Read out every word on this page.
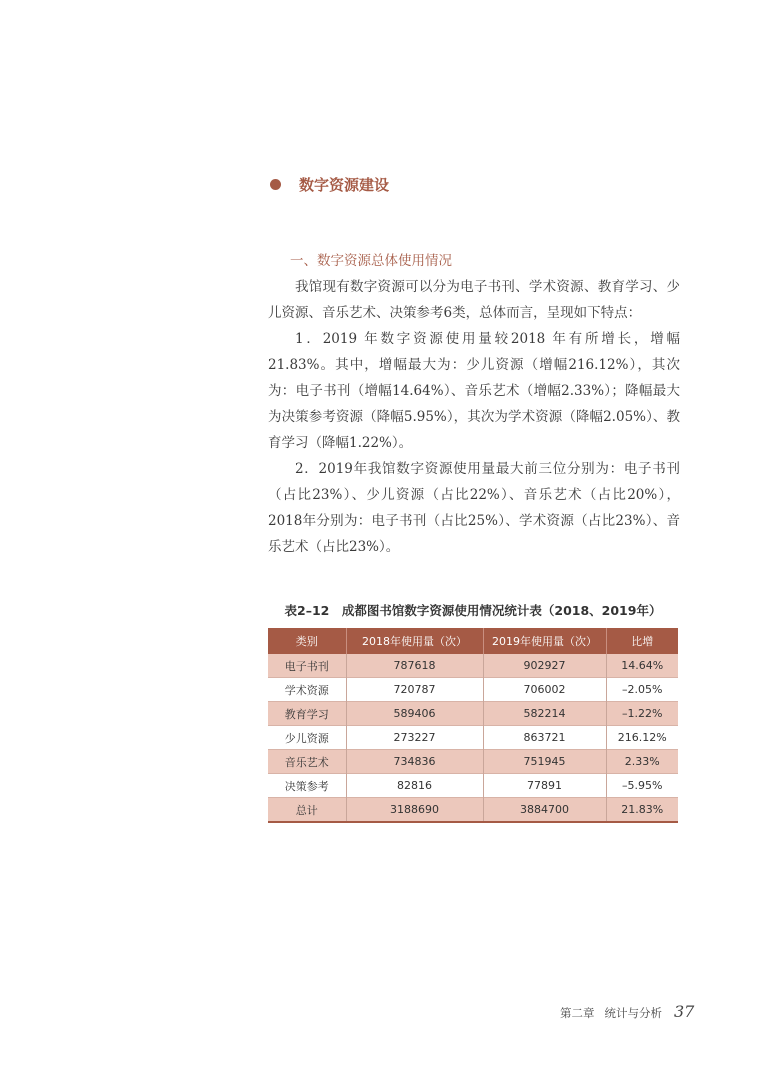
数字资源建设
一、数字资源总体使用情况

我馆现有数字资源可以分为电子书刊、学术资源、教育学习、少儿资源、音乐艺术、决策参考6类，总体而言，呈现如下特点：

1．2019 年数字资源使用量较2018 年有所增长，增幅21.83%。其中，增幅最大为：少儿资源（增幅216.12%），其次为：电子书刊（增幅14.64%）、音乐艺术（增幅2.33%）；降幅最大为决策参考资源（降幅5.95%），其次为学术资源（降幅2.05%）、教育学习（降幅1.22%）。

2．2019年我馆数字资源使用量最大前三位分别为：电子书刊（占比23%）、少儿资源（占比22%）、音乐艺术（占比20%），2018年分别为：电子书刊（占比25%）、学术资源（占比23%）、音乐艺术（占比23%）。

表2–12　成都图书馆数字资源使用情况统计表（2018、2019年）
类别	2018年使用量（次）	2019年使用量（次）	比增
电子书刊	787618	902927	14.64%
学术资源	720787	706002	–2.05%
教育学习	589406	582214	–1.22%
少儿资源	273227	863721	216.12%
音乐艺术	734836	751945	2.33%
决策参考	82816	77891	–5.95%
总计	3188690	3884700	21.83%
第二章 统计与分析 37
